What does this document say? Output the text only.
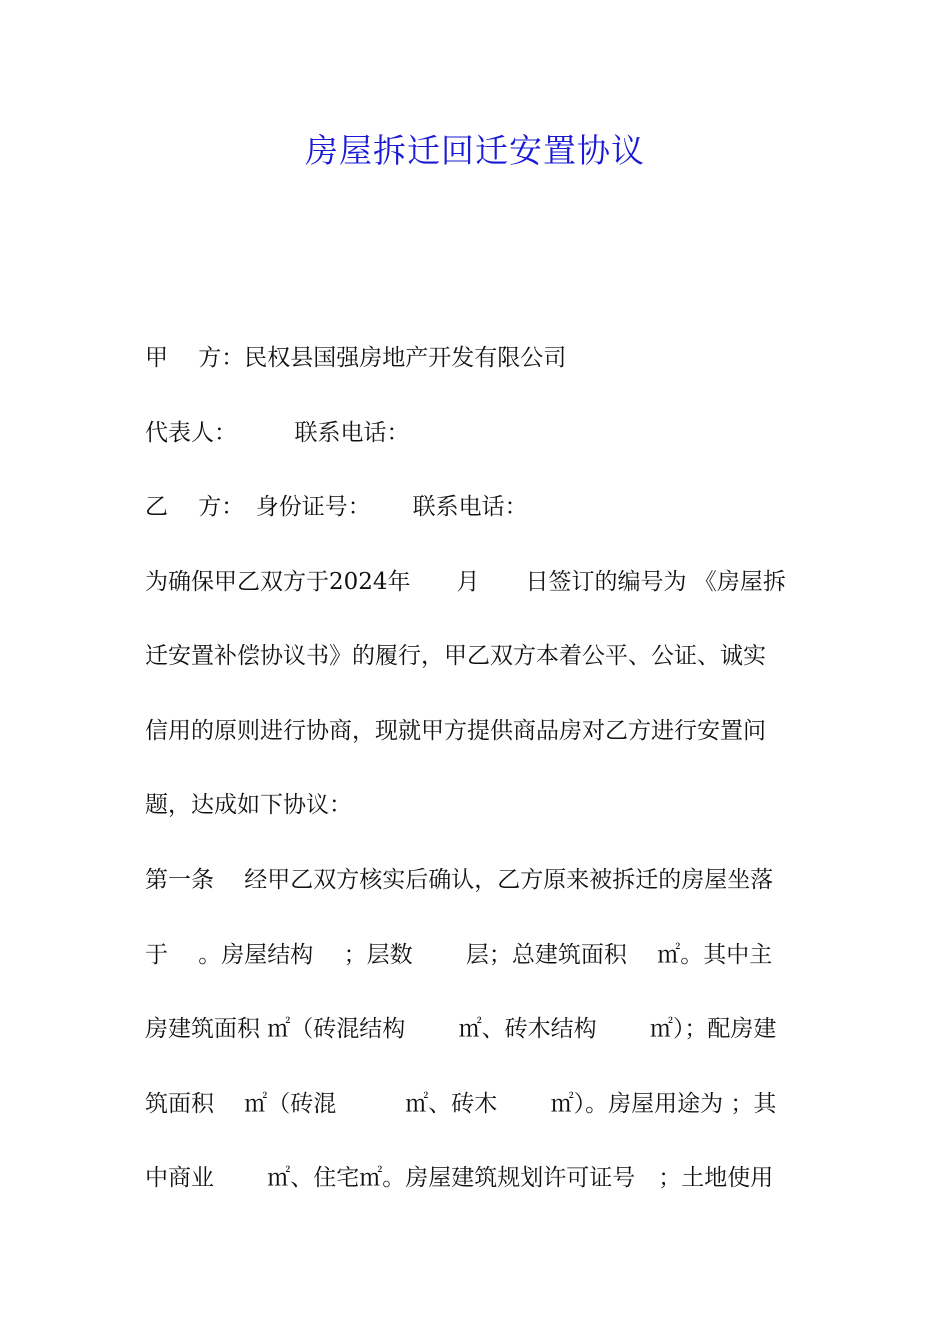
房屋拆迁回迁安置协议

甲　 方：民权县国强房地产开发有限公司

代表人：　　　联系电话：

乙　 方：　身份证号：　　 联系电话：

为确保甲乙双方于2024年　　月　　日签订的编号为 《房屋拆

迁安置补偿协议书》的履行，甲乙双方本着公平、公证、诚实

信用的原则进行协商，现就甲方提供商品房对乙方进行安置问

题，达成如下协议：

第一条　 经甲乙双方核实后确认，乙方原来被拆迁的房屋坐落

于　 。房屋结构　 ；层数　　 层；总建筑面积　 ㎡。其中主

房建筑面积 ㎡（砖混结构　　 ㎡、砖木结构　　 ㎡）；配房建

筑面积　 ㎡（砖混　　　㎡、砖木　　 ㎡）。房屋用途为 ；其

中商业　　 ㎡、住宅㎡。房屋建筑规划许可证号　；土地使用
